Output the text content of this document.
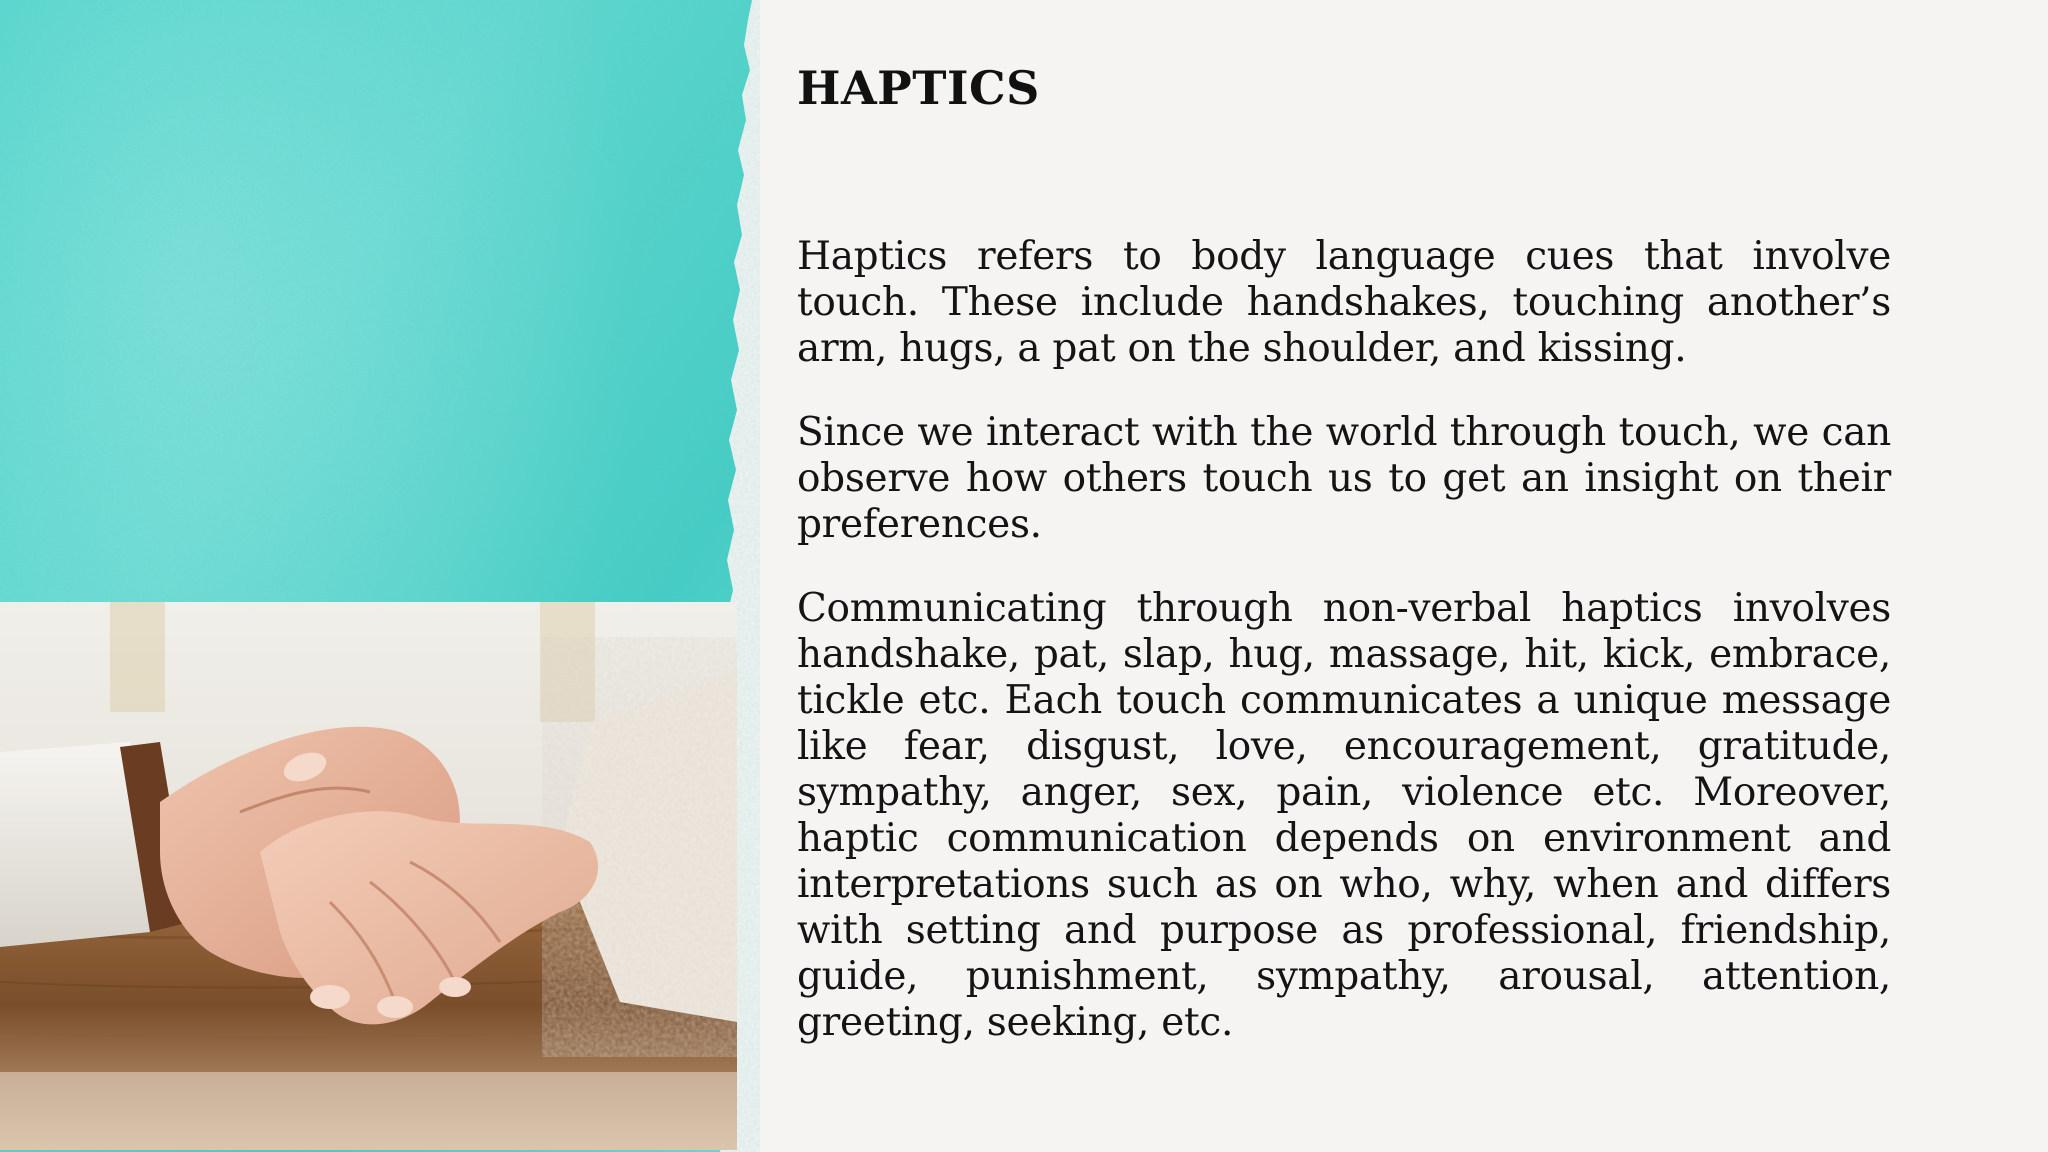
HAPTICS

Haptics refers to body language cues that involve touch. These include handshakes, touching another’s arm, hugs, a pat on the shoulder, and kissing.

Since we interact with the world through touch, we can observe how others touch us to get an insight on their preferences.

Communicating through non-verbal haptics involves handshake, pat, slap, hug, massage, hit, kick, embrace, tickle etc. Each touch communicates a unique message like fear, disgust, love, encouragement, gratitude, sympathy, anger, sex, pain, violence etc. Moreover, haptic communication depends on environment and interpretations such as on who, why, when and differs with setting and purpose as professional, friendship, guide, punishment, sympathy, arousal, attention, greeting, seeking, etc.
